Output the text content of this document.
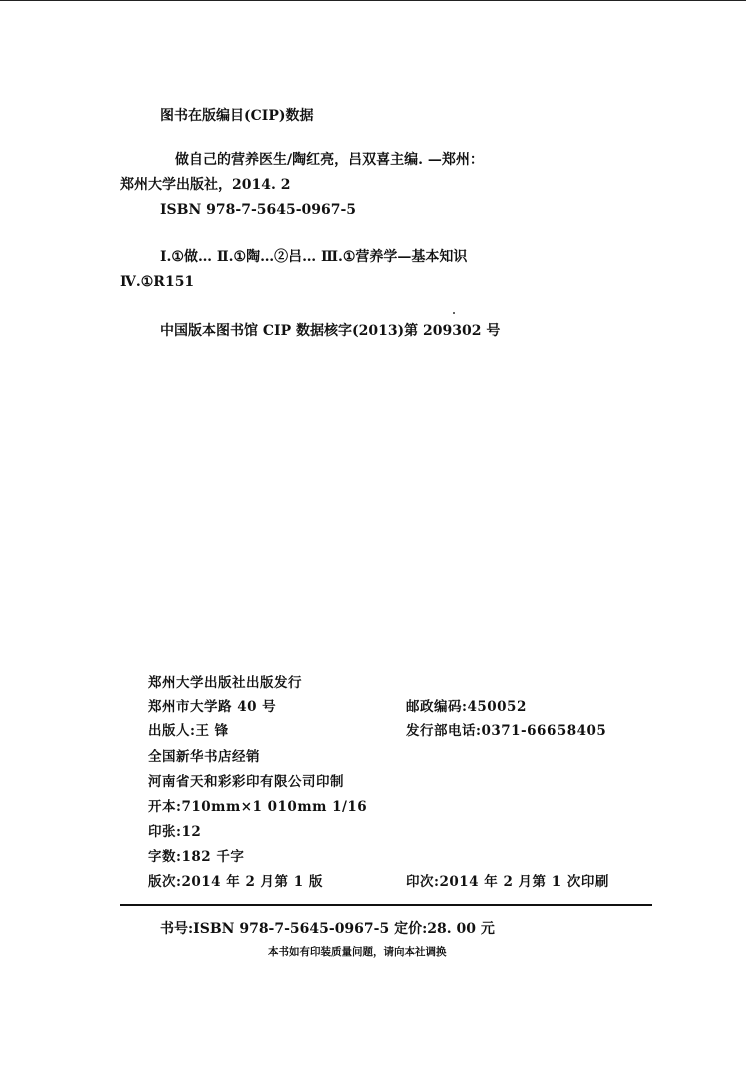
图书在版编目(CIP)数据
做自己的营养医生/陶红亮，吕双喜主编. —郑州：
郑州大学出版社，2014. 2
ISBN 978-7-5645-0967-5
Ⅰ.①做… Ⅱ.①陶…②吕… Ⅲ.①营养学—基本知识
Ⅳ.①R151
中国版本图书馆 CIP 数据核字(2013)第 209302 号
郑州大学出版社出版发行
郑州市大学路 40 号	邮政编码:450052
出版人:王 锋	发行部电话:0371-66658405
全国新华书店经销
河南省天和彩彩印有限公司印制
开本:710mm×1 010mm 1/16
印张:12
字数:182 千字
版次:2014 年 2 月第 1 版	印次:2014 年 2 月第 1 次印刷
书号:ISBN 978-7-5645-0967-5 定价:28. 00 元
本书如有印装质量问题，请向本社调换
